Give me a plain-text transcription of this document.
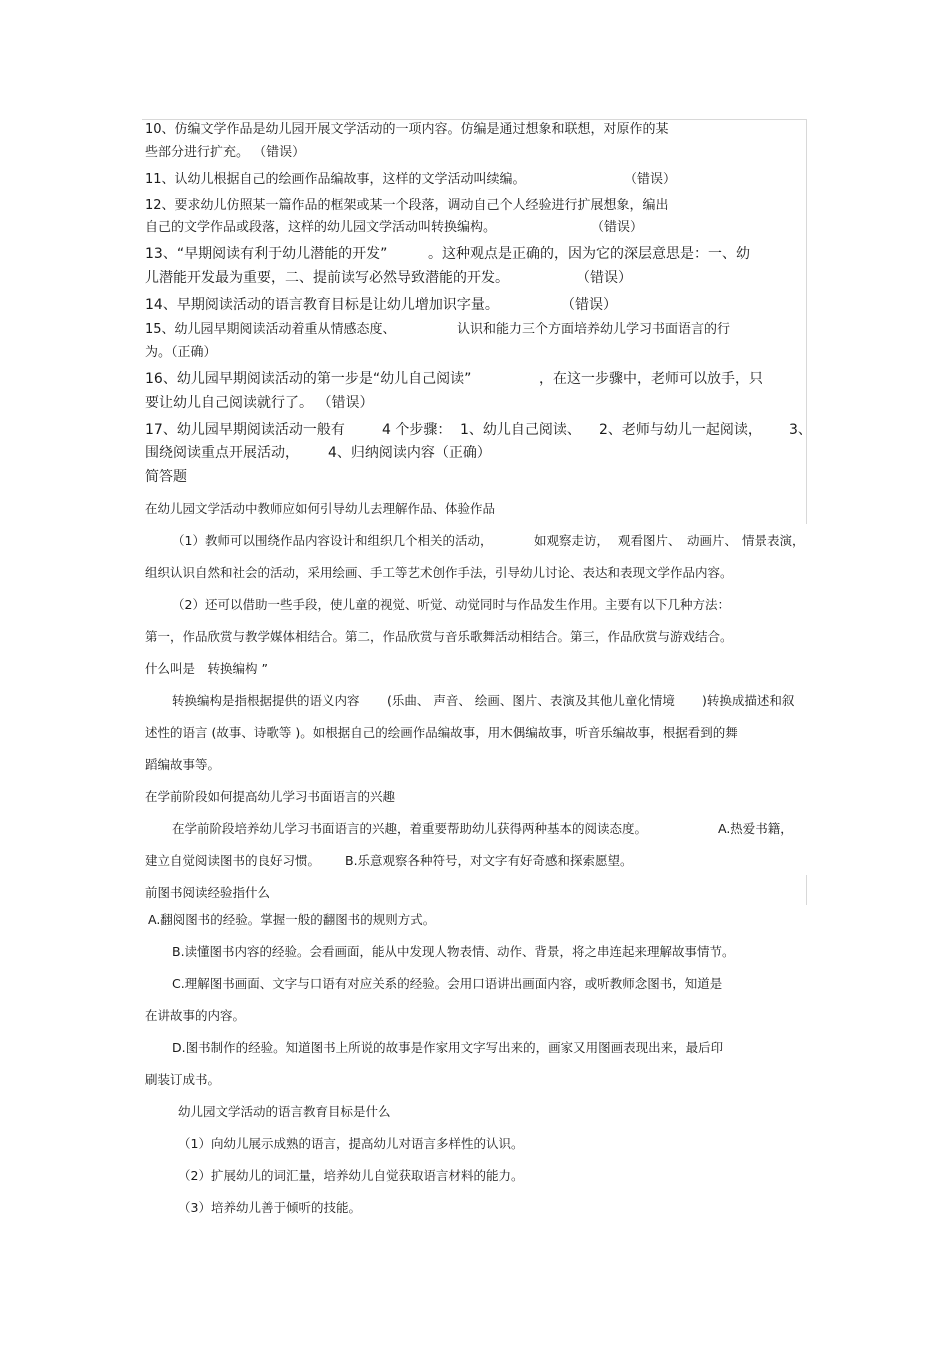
10、仿编文学作品是幼儿园开展文学活动的一项内容。仿编是通过想象和联想，对原作的某
些部分进行扩充。 （错误）
11、认幼儿根据自己的绘画作品编故事，这样的文学活动叫续编。	（错误）
12、要求幼儿仿照某一篇作品的框架或某一个段落，调动自己个人经验进行扩展想象，编出
自己的文学作品或段落，这样的幼儿园文学活动叫转换编构。	（错误）
13、“早期阅读有利于幼儿潜能的开发”	。这种观点是正确的，因为它的深层意思是：一、幼
儿潜能开发最为重要，二、提前读写必然导致潜能的开发。	（错误）
14、早期阅读活动的语言教育目标是让幼儿增加识字量。	（错误）
15、幼儿园早期阅读活动着重从情感态度、	认识和能力三个方面培养幼儿学习书面语言的行
为。（正确）
16、幼儿园早期阅读活动的第一步是“幼儿自己阅读”	，在这一步骤中，老师可以放手，只
要让幼儿自己阅读就行了。 （错误）
17、幼儿园早期阅读活动一般有	4 个步骤： 1、幼儿自己阅读、 2、老师与幼儿一起阅读， 3、
围绕阅读重点开展活动， 4、归纳阅读内容（正确）
简答题
在幼儿园文学活动中教师应如何引导幼儿去理解作品、体验作品
（1）教师可以围绕作品内容设计和组织几个相关的活动，	如观察走访， 观看图片、 动画片、 情景表演，
组织认识自然和社会的活动，采用绘画、手工等艺术创作手法，引导幼儿讨论、表达和表现文学作品内容。
（2）还可以借助一些手段，使儿童的视觉、听觉、动觉同时与作品发生作用。主要有以下几种方法：
第一，作品欣赏与教学媒体相结合。第二，作品欣赏与音乐歌舞活动相结合。第三，作品欣赏与游戏结合。
什么叫是　转换编构 ”
转换编构是指根据提供的语义内容 (乐曲、 声音、 绘画、图片、表演及其他儿童化情境 )转换成描述和叙
述性的语言 (故事、诗歌等 )。如根据自己的绘画作品编故事，用木偶编故事，听音乐编故事，根据看到的舞
蹈编故事等。
在学前阶段如何提高幼儿学习书面语言的兴趣
在学前阶段培养幼儿学习书面语言的兴趣，着重要帮助幼儿获得两种基本的阅读态度。	A.热爱书籍，
建立自觉阅读图书的良好习惯。 B.乐意观察各种符号，对文字有好奇感和探索愿望。
前图书阅读经验指什么
A.翻阅图书的经验。掌握一般的翻图书的规则方式。
B.读懂图书内容的经验。会看画面，能从中发现人物表情、动作、背景，将之串连起来理解故事情节。
C.理解图书画面、文字与口语有对应关系的经验。会用口语讲出画面内容，或听教师念图书，知道是
在讲故事的内容。
D.图书制作的经验。知道图书上所说的故事是作家用文字写出来的，画家又用图画表现出来，最后印
刷装订成书。
幼儿园文学活动的语言教育目标是什么
（1）向幼儿展示成熟的语言，提高幼儿对语言多样性的认识。
（2）扩展幼儿的词汇量，培养幼儿自觉获取语言材料的能力。
（3）培养幼儿善于倾听的技能。
